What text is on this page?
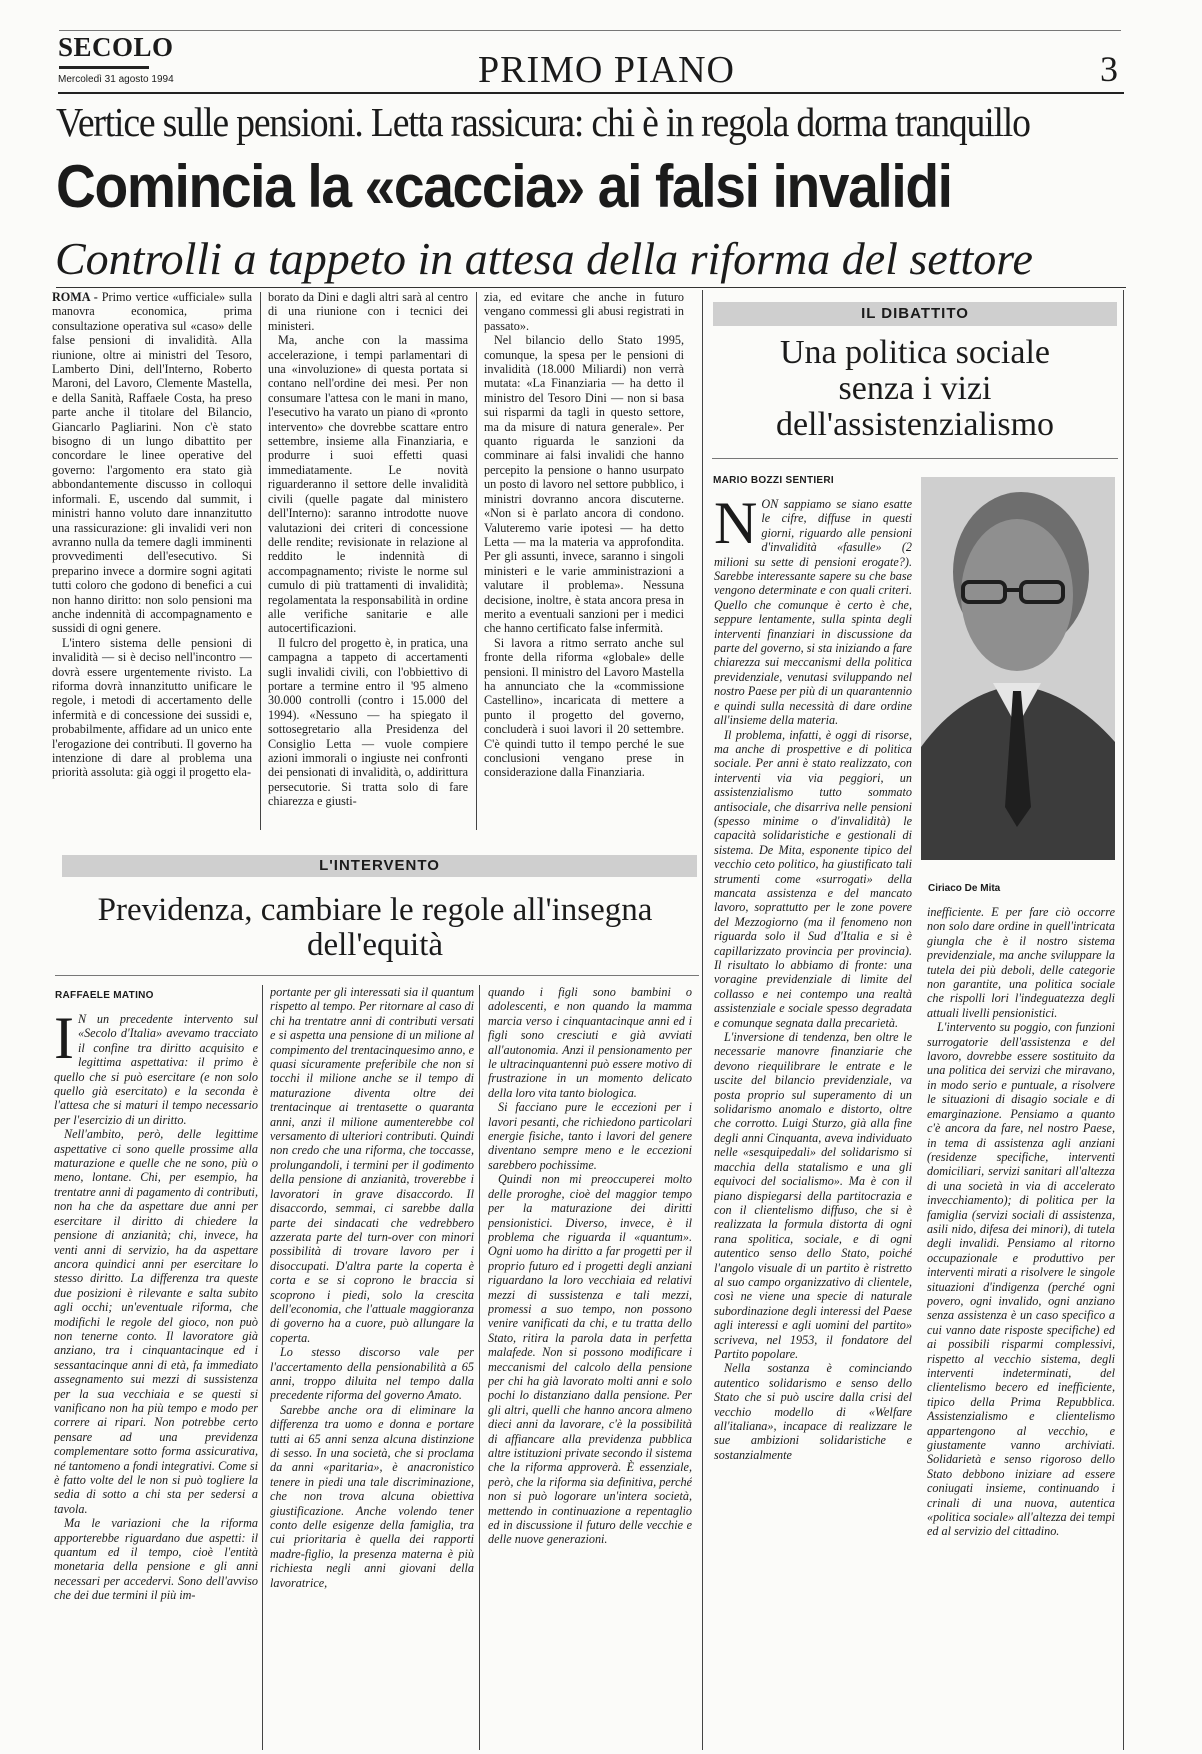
SECOLO
Mercoledì 31 agosto 1994	PRIMO PIANO	3
Vertice sulle pensioni. Letta rassicura: chi è in regola dorma tranquillo
Comincia la «caccia» ai falsi invalidi
Controlli a tappeto in attesa della riforma del settore

ROMA - Primo vertice «ufficiale» sulla manovra economica, prima consultazione operativa sul «caso» delle false pensioni di invalidità. Alla riunione, oltre ai ministri del Tesoro, Lamberto Dini, dell'Interno, Roberto Maroni, del Lavoro, Clemente Mastella, e della Sanità, Raffaele Costa, ha preso parte anche il titolare del Bilancio, Giancarlo Pagliarini. Non c'è stato bisogno di un lungo dibattito per concordare le linee operative del governo: l'argomento era stato già abbondantemente discusso in colloqui informali. E, uscendo dal summit, i ministri hanno voluto dare innanzitutto una rassicurazione: gli invalidi veri non avranno nulla da temere dagli imminenti provvedimenti dell'esecutivo. Si preparino invece a dormire sogni agitati tutti coloro che godono di benefici a cui non hanno diritto: non solo pensioni ma anche indennità di accompagnamento e sussidi di ogni genere.

L'intero sistema delle pensioni di invalidità — si è deciso nell'incontro — dovrà essere urgentemente rivisto. La riforma dovrà innanzitutto unificare le regole, i metodi di accertamento delle infermità e di concessione dei sussidi e, probabilmente, affidare ad un unico ente l'erogazione dei contributi. Il governo ha intenzione di dare al problema una priorità assoluta: già oggi il progetto ela-

borato da Dini e dagli altri sarà al centro di una riunione con i tecnici dei ministeri.

Ma, anche con la massima accelerazione, i tempi parlamentari di una «involuzione» di questa portata si contano nell'ordine dei mesi. Per non consumare l'attesa con le mani in mano, l'esecutivo ha varato un piano di «pronto intervento» che dovrebbe scattare entro settembre, insieme alla Finanziaria, e produrre i suoi effetti quasi immediatamente. Le novità riguarderanno il settore delle invalidità civili (quelle pagate dal ministero dell'Interno): saranno introdotte nuove valutazioni dei criteri di concessione delle rendite; revisionate in relazione al reddito le indennità di accompagnamento; riviste le norme sul cumulo di più trattamenti di invalidità; regolamentata la responsabilità in ordine alle verifiche sanitarie e alle autocertificazioni.

Il fulcro del progetto è, in pratica, una campagna a tappeto di accertamenti sugli invalidi civili, con l'obbiettivo di portare a termine entro il '95 almeno 30.000 controlli (contro i 15.000 del 1994). «Nessuno — ha spiegato il sottosegretario alla Presidenza del Consiglio Letta — vuole compiere azioni immorali o ingiuste nei confronti dei pensionati di invalidità, o, addirittura persecutorie. Si tratta solo di fare chiarezza e giusti-

zia, ed evitare che anche in futuro vengano commessi gli abusi registrati in passato».

Nel bilancio dello Stato 1995, comunque, la spesa per le pensioni di invalidità (18.000 Miliardi) non verrà mutata: «La Finanziaria — ha detto il ministro del Tesoro Dini — non si basa sui risparmi da tagli in questo settore, ma da misure di natura generale». Per quanto riguarda le sanzioni da comminare ai falsi invalidi che hanno percepito la pensione o hanno usurpato un posto di lavoro nel settore pubblico, i ministri dovranno ancora discuterne. «Non si è parlato ancora di condono. Valuteremo varie ipotesi — ha detto Letta — ma la materia va approfondita. Per gli assunti, invece, saranno i singoli ministeri e le varie amministrazioni a valutare il problema». Nessuna decisione, inoltre, è stata ancora presa in merito a eventuali sanzioni per i medici che hanno certificato false infermità.

Si lavora a ritmo serrato anche sul fronte della riforma «globale» delle pensioni. Il ministro del Lavoro Mastella ha annunciato che la «commissione Castellino», incaricata di mettere a punto il progetto del governo, concluderà i suoi lavori il 20 settembre. C'è quindi tutto il tempo perché le sue conclusioni vengano prese in considerazione dalla Finanziaria.

IL DIBATTITO
Una politica sociale senza i vizi dell'assistenzialismo
MARIO BOZZI SENTIERI

NON sappiamo se siano esatte le cifre, diffuse in questi giorni, riguardo alle pensioni d'invalidità «fasulle» (2 milioni su sette di pensioni erogate?). Sarebbe interessante sapere su che base vengono determinate e con quali criteri. Quello che comunque è certo è che, seppure lentamente, sulla spinta degli interventi finanziari in discussione da parte del governo, si sta iniziando a fare chiarezza sui meccanismi della politica previdenziale, venutasi sviluppando nel nostro Paese per più di un quarantennio e quindi sulla necessità di dare ordine all'insieme della materia.

Il problema, infatti, è oggi di risorse, ma anche di prospettive e di politica sociale. Per anni è stato realizzato, con interventi via via peggiori, un assistenzialismo tutto sommato antisociale, che disarriva nelle pensioni (spesso minime o d'invalidità) le capacità solidaristiche e gestionali di sistema. De Mita, esponente tipico del vecchio ceto politico, ha giustificato tali strumenti come «surrogati» della mancata assistenza e del mancato lavoro, soprattutto per le zone povere del Mezzogiorno (ma il fenomeno non riguarda solo il Sud d'Italia e si è capillarizzato provincia per provincia). Il risultato lo abbiamo di fronte: una voragine previdenziale di limite del collasso e nei contempo una realtà assistenziale e sociale spesso degradata e comunque segnata dalla precarietà.

L'inversione di tendenza, ben oltre le necessarie manovre finanziarie che devono riequilibrare le entrate e le uscite del bilancio previdenziale, va posta proprio sul superamento di un solidarismo anomalo e distorto, oltre che corrotto. Luigi Sturzo, già alla fine degli anni Cinquanta, aveva individuato nelle «sesquipedali» del solidarismo si macchia della statalismo e una gli equivoci del socialismo». Ma è con il piano dispiegarsi della partitocrazia e con il clientelismo diffuso, che si è realizzata la formula distorta di ogni rana spolitica, sociale, e di ogni autentico senso dello Stato, poiché l'angolo visuale di un partito è ristretto al suo campo organizzativo di clientele, così ne viene una specie di naturale subordinazione degli interessi del Paese agli interessi e agli uomini del partito» scriveva, nel 1953, il fondatore del Partito popolare.

Nella sostanza è cominciando autentico solidarismo e senso dello Stato che si può uscire dalla crisi del vecchio modello di «Welfare all'italiana», incapace di realizzare le sue ambizioni solidaristiche e sostanzialmente

Ciriaco De Mita

inefficiente. E per fare ciò occorre non solo dare ordine in quell'intricata giungla che è il nostro sistema previdenziale, ma anche sviluppare la tutela dei più deboli, delle categorie non garantite, una politica sociale che rispolli lori l'indeguatezza degli attuali livelli pensionistici.

L'intervento su poggio, con funzioni surrogatorie dell'assistenza e del lavoro, dovrebbe essere sostituito da una politica dei servizi che miravano, in modo serio e puntuale, a risolvere le situazioni di disagio sociale e di emarginazione. Pensiamo a quanto c'è ancora da fare, nel nostro Paese, in tema di assistenza agli anziani (residenze specifiche, interventi domiciliari, servizi sanitari all'altezza di una società in via di accelerato invecchiamento); di politica per la famiglia (servizi sociali di assistenza, asili nido, difesa dei minori), di tutela degli invalidi. Pensiamo al ritorno occupazionale e produttivo per interventi mirati a risolvere le singole situazioni d'indigenza (perché ogni povero, ogni invalido, ogni anziano senza assistenza è un caso specifico a cui vanno date risposte specifiche) ed ai possibili risparmi complessivi, rispetto al vecchio sistema, degli interventi indeterminati, del clientelismo becero ed inefficiente, tipico della Prima Repubblica. Assistenzialismo e clientelismo appartengono al vecchio, e giustamente vanno archiviati. Solidarietà e senso rigoroso dello Stato debbono iniziare ad essere coniugati insieme, continuando i crinali di una nuova, autentica «politica sociale» all'altezza dei tempi ed al servizio del cittadino.

L'INTERVENTO
Previdenza, cambiare le regole all'insegna dell'equità
RAFFAELE MATINO

I N un precedente intervento sul «Secolo d'Italia» avevamo tracciato il confine tra diritto acquisito e legittima aspettativa: il primo è quello che si può esercitare (e non solo quello già esercitato) e la seconda è l'attesa che si maturi il tempo necessario per l'esercizio di un diritto.

Nell'ambito, però, delle legittime aspettative ci sono quelle prossime alla maturazione e quelle che ne sono, più o meno, lontane. Chi, per esempio, ha trentatre anni di pagamento di contributi, non ha che da aspettare due anni per esercitare il diritto di chiedere la pensione di anzianità; chi, invece, ha venti anni di servizio, ha da aspettare ancora quindici anni per esercitare lo stesso diritto. La differenza tra queste due posizioni è rilevante e salta subito agli occhi; un'eventuale riforma, che modifichi le regole del gioco, non può non tenerne conto. Il lavoratore già anziano, tra i cinquantacinque ed i sessantacinque anni di età, fa immediato assegnamento sui mezzi di sussistenza per la sua vecchiaia e se questi si vanificano non ha più tempo e modo per correre ai ripari. Non potrebbe certo pensare ad una previdenza complementare sotto forma assicurativa, né tantomeno a fondi integrativi. Come si è fatto volte del le non si può togliere la sedia di sotto a chi sta per sedersi a tavola.

Ma le variazioni che la riforma apporterebbe riguardano due aspetti: il quantum ed il tempo, cioè l'entità monetaria della pensione e gli anni necessari per accedervi. Sono dell'avviso che dei due termini il più im-

portante per gli interessati sia il quantum rispetto al tempo. Per ritornare al caso di chi ha trentatre anni di contributi versati e si aspetta una pensione di un milione al compimento del trentacinquesimo anno, e quasi sicuramente preferibile che non si tocchi il milione anche se il tempo di maturazione diventa oltre dei trentacinque ai trentasette o quaranta anni, anzi il milione aumenterebbe col versamento di ulteriori contributi. Quindi non credo che una riforma, che toccasse, prolungandoli, i termini per il godimento della pensione di anzianità, troverebbe i lavoratori in grave disaccordo. Il disaccordo, semmai, ci sarebbe dalla parte dei sindacati che vedrebbero azzerata parte del turn-over con minori possibilità di trovare lavoro per i disoccupati. D'altra parte la coperta è corta e se si coprono le braccia si scoprono i piedi, solo la crescita dell'economia, che l'attuale maggioranza di governo ha a cuore, può allungare la coperta.

Lo stesso discorso vale per l'accertamento della pensionabilità a 65 anni, troppo diluita nel tempo dalla precedente riforma del governo Amato.

Sarebbe anche ora di eliminare la differenza tra uomo e donna e portare tutti ai 65 anni senza alcuna distinzione di sesso. In una società, che si proclama da anni «paritaria», è anacronistico tenere in piedi una tale discriminazione, che non trova alcuna obiettiva giustificazione. Anche volendo tener conto delle esigenze della famiglia, tra cui prioritaria è quella dei rapporti madre-figlio, la presenza materna è più richiesta negli anni giovani della lavoratrice,

quando i figli sono bambini o adolescenti, e non quando la mamma marcia verso i cinquantacinque anni ed i figli sono cresciuti e già avviati all'autonomia. Anzi il pensionamento per le ultracinquantenni può essere motivo di frustrazione in un momento delicato della loro vita tanto biologica.

Si facciano pure le eccezioni per i lavori pesanti, che richiedono particolari energie fisiche, tanto i lavori del genere diventano sempre meno e le eccezioni sarebbero pochissime.

Quindi non mi preoccuperei molto delle proroghe, cioè del maggior tempo per la maturazione dei diritti pensionistici. Diverso, invece, è il problema che riguarda il «quantum». Ogni uomo ha diritto a far progetti per il proprio futuro ed i progetti degli anziani riguardano la loro vecchiaia ed relativi mezzi di sussistenza e tali mezzi, promessi a suo tempo, non possono venire vanificati da chi, e tu tratta dello Stato, ritira la parola data in perfetta malafede. Non si possono modificare i meccanismi del calcolo della pensione per chi ha già lavorato molti anni e solo pochi lo distanziano dalla pensione. Per gli altri, quelli che hanno ancora almeno dieci anni da lavorare, c'è la possibilità di affiancare alla previdenza pubblica altre istituzioni private secondo il sistema che la riforma approverà. È essenziale, però, che la riforma sia definitiva, perché non si può logorare un'intera società, mettendo in continuazione a repentaglio ed in discussione il futuro delle vecchie e delle nuove generazioni.
